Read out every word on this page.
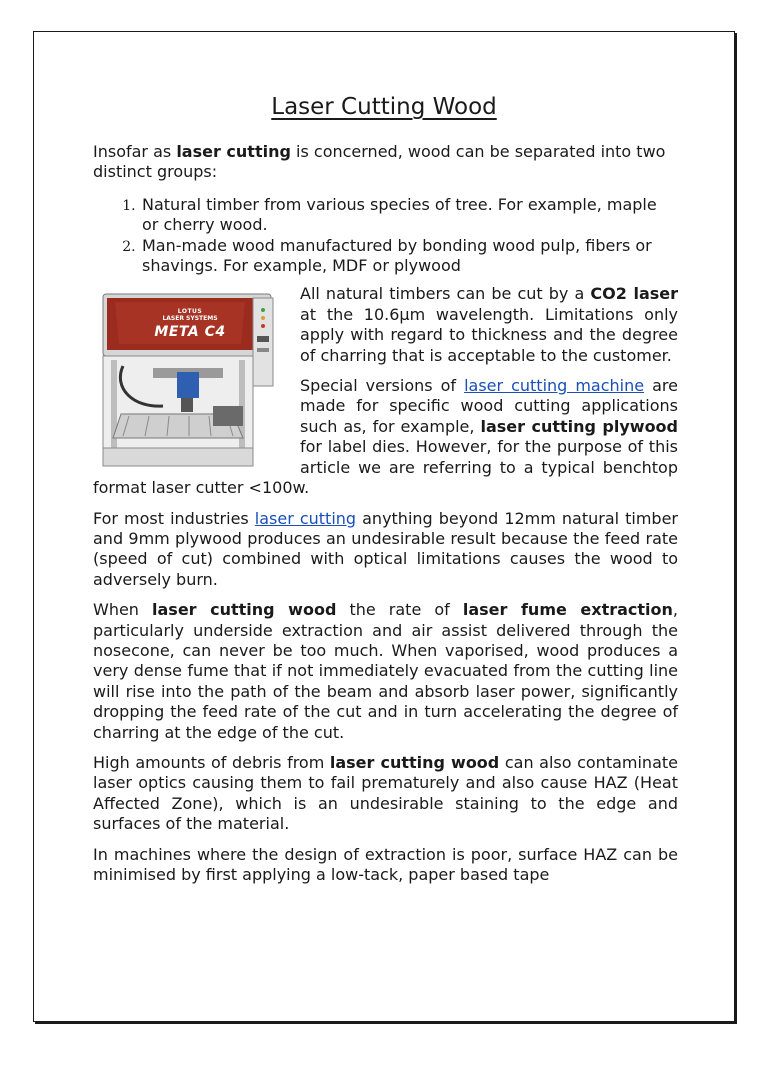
Laser Cutting Wood

Insofar as laser cutting is concerned, wood can be separated into two distinct groups:

1. Natural timber from various species of tree. For example, maple or cherry wood.
2. Man-made wood manufactured by bonding wood pulp, fibers or shavings. For example, MDF or plywood
LOTUS
LASER SYSTEMS
META C4

All natural timbers can be cut by a CO2 laser at the 10.6µm wavelength. Limitations only apply with regard to thickness and the degree of charring that is acceptable to the customer.

Special versions of laser cutting machine are made for specific wood cutting applications such as, for example, laser cutting plywood for label dies. However, for the purpose of this article we are referring to a typical benchtop format laser cutter <100w.

For most industries laser cutting anything beyond 12mm natural timber and 9mm plywood produces an undesirable result because the feed rate (speed of cut) combined with optical limitations causes the wood to adversely burn.

When laser cutting wood the rate of laser fume extraction, particularly underside extraction and air assist delivered through the nosecone, can never be too much. When vaporised, wood produces a very dense fume that if not immediately evacuated from the cutting line will rise into the path of the beam and absorb laser power, significantly dropping the feed rate of the cut and in turn accelerating the degree of charring at the edge of the cut.

High amounts of debris from laser cutting wood can also contaminate laser optics causing them to fail prematurely and also cause HAZ (Heat Affected Zone), which is an undesirable staining to the edge and surfaces of the material.

In machines where the design of extraction is poor, surface HAZ can be minimised by first applying a low-tack, paper based tape
